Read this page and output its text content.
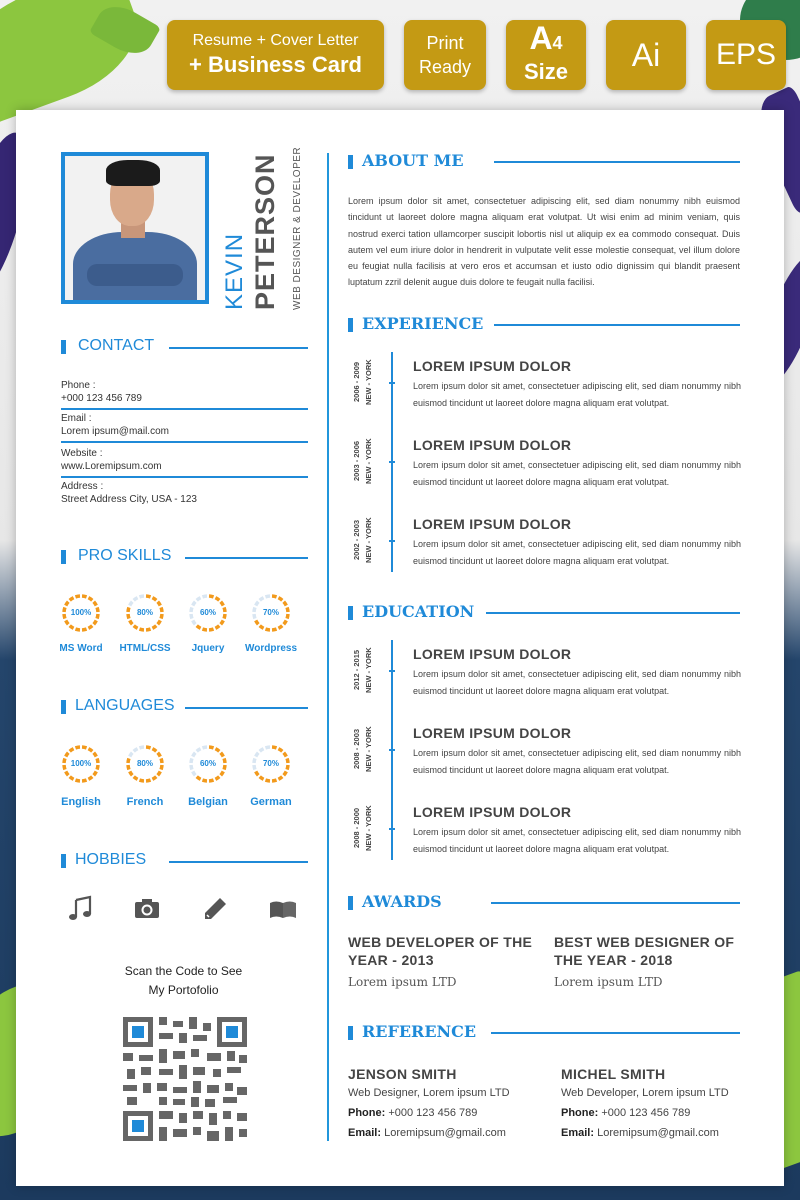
Resume + Cover Letter
+ Business Card
Print
Ready
A4
Size	Ai	EPS
KEVIN PETERSON WEB DESIGNER & DEVELOPER
CONTACT
Phone :
+000 123 456 789
Email :
Lorem ipsum@mail.com
Website :
www.Loremipsum.com
Address :
Street Address City, USA - 123
PRO SKILLS
100%
MS Word
80%
HTML/CSS
60%
Jquery
70%
Wordpress
LANGUAGES
100%
English
80%
French
60%
Belgian
70%
German
HOBBIES
Scan the Code to See
My Portofolio
ABOUT ME
Lorem ipsum dolor sit amet, consectetuer adipiscing elit, sed diam nonummy nibh euismod tincidunt ut laoreet dolore magna aliquam erat volutpat. Ut wisi enim ad minim veniam, quis nostrud exerci tation ullamcorper suscipit lobortis nisl ut aliquip ex ea commodo consequat. Duis autem vel eum iriure dolor in hendrerit in vulputate velit esse molestie consequat, vel illum dolore eu feugiat nulla facilisis at vero eros et accumsan et iusto odio dignissim qui blandit praesent luptatum zzril delenit augue duis dolore te feugait nulla facilisi.
EXPERIENCE
2006 - 2009 NEW - YORK	LOREM IPSUM DOLOR
Lorem ipsum dolor sit amet, consectetuer adipiscing elit, sed diam nonummy nibh euismod tincidunt ut laoreet dolore magna aliquam erat volutpat.
2003 - 2006 NEW - YORK	LOREM IPSUM DOLOR
Lorem ipsum dolor sit amet, consectetuer adipiscing elit, sed diam nonummy nibh euismod tincidunt ut laoreet dolore magna aliquam erat volutpat.
2002 - 2003 NEW - YORK	LOREM IPSUM DOLOR
Lorem ipsum dolor sit amet, consectetuer adipiscing elit, sed diam nonummy nibh euismod tincidunt ut laoreet dolore magna aliquam erat volutpat.
EDUCATION
2012 - 2015 NEW - YORK	LOREM IPSUM DOLOR
Lorem ipsum dolor sit amet, consectetuer adipiscing elit, sed diam nonummy nibh euismod tincidunt ut laoreet dolore magna aliquam erat volutpat.
2008 - 2003 NEW - YORK	LOREM IPSUM DOLOR
Lorem ipsum dolor sit amet, consectetuer adipiscing elit, sed diam nonummy nibh euismod tincidunt ut laoreet dolore magna aliquam erat volutpat.
2008 - 2000 NEW - YORK	LOREM IPSUM DOLOR
Lorem ipsum dolor sit amet, consectetuer adipiscing elit, sed diam nonummy nibh euismod tincidunt ut laoreet dolore magna aliquam erat volutpat.
AWARDS
WEB DEVELOPER OF THE YEAR - 2013
Lorem ipsum LTD
BEST WEB DESIGNER OF THE YEAR - 2018
Lorem ipsum LTD
REFERENCE
JENSON SMITH
Web Designer, Lorem ipsum LTD
Phone: +000 123 456 789
Email: Loremipsum@gmail.com
MICHEL SMITH
Web Developer, Lorem ipsum LTD
Phone: +000 123 456 789
Email: Loremipsum@gmail.com
